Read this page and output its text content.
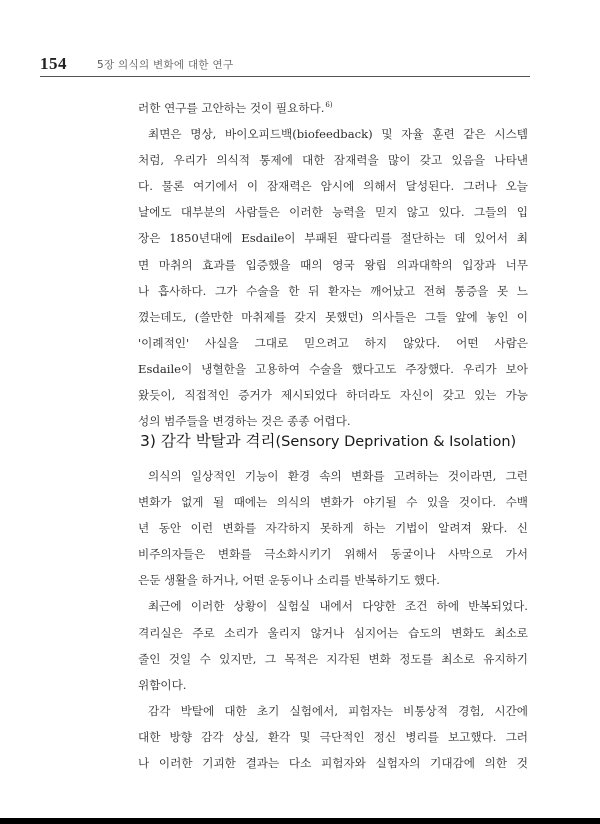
154	5장 의식의 변화에 대한 연구
러한 연구를 고안하는 것이 필요하다.$^{6)}$
최면은 명상, 바이오피드백(biofeedback) 및 자율 훈련 같은 시스템
처럼, 우리가 의식적 통제에 대한 잠재력을 많이 갖고 있음을 나타낸
다. 물론 여기에서 이 잠재력은 암시에 의해서 달성된다. 그러나 오늘
날에도 대부분의 사람들은 이러한 능력을 믿지 않고 있다. 그들의 입
장은 1850년대에 Esdaile이 부패된 팔다리를 절단하는 데 있어서 최
면 마취의 효과를 입증했을 때의 영국 왕립 의과대학의 입장과 너무
나 흡사하다. 그가 수술을 한 뒤 환자는 깨어났고 전혀 통증을 못 느
꼈는데도, (쓸만한 마취제를 갖지 못했던) 의사들은 그들 앞에 놓인 이
'이례적인' 사실을 그대로 믿으려고 하지 않았다. 어떤 사람은
Esdaile이 냉혈한을 고용하여 수술을 했다고도 주장했다. 우리가 보아
왔듯이, 직접적인 증거가 제시되었다 하더라도 자신이 갖고 있는 가능
성의 범주들을 변경하는 것은 종종 어렵다.
3) 감각 박탈과 격리(Sensory Deprivation & Isolation)
의식의 일상적인 기능이 환경 속의 변화를 고려하는 것이라면, 그런
변화가 없게 될 때에는 의식의 변화가 야기될 수 있을 것이다. 수백
년 동안 이런 변화를 자각하지 못하게 하는 기법이 알려져 왔다. 신
비주의자들은 변화를 극소화시키기 위해서 동굴이나 사막으로 가서
은둔 생활을 하거나, 어떤 운동이나 소리를 반복하기도 했다.
최근에 이러한 상황이 실험실 내에서 다양한 조건 하에 반복되었다.
격리실은 주로 소리가 울리지 않거나 심지어는 습도의 변화도 최소로
줄인 것일 수 있지만, 그 목적은 지각된 변화 정도를 최소로 유지하기
위함이다.
감각 박탈에 대한 초기 실험에서, 피험자는 비통상적 경험, 시간에
대한 방향 감각 상실, 환각 및 극단적인 정신 병리를 보고했다. 그러
나 이러한 기괴한 결과는 다소 피험자와 실험자의 기대감에 의한 것
